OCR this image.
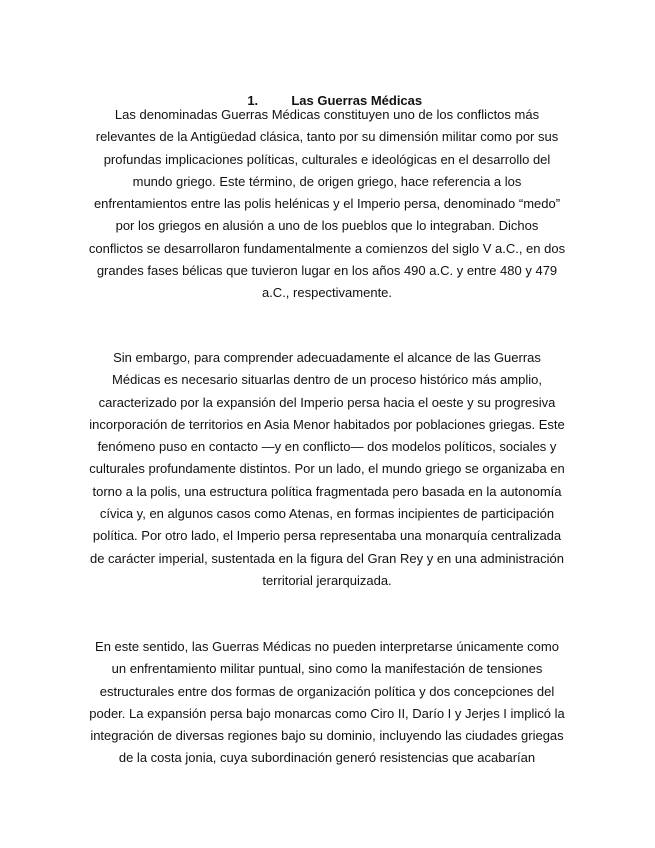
1.	Las Guerras Médicas

Las denominadas Guerras Médicas constituyen uno de los conflictos más
relevantes de la Antigüedad clásica, tanto por su dimensión militar como por sus
profundas implicaciones políticas, culturales e ideológicas en el desarrollo del
mundo griego. Este término, de origen griego, hace referencia a los
enfrentamientos entre las polis helénicas y el Imperio persa, denominado “medo”
por los griegos en alusión a uno de los pueblos que lo integraban. Dichos
conflictos se desarrollaron fundamentalmente a comienzos del siglo V a.C., en dos
grandes fases bélicas que tuvieron lugar en los años 490 a.C. y entre 480 y 479
a.C., respectivamente.
Sin embargo, para comprender adecuadamente el alcance de las Guerras
Médicas es necesario situarlas dentro de un proceso histórico más amplio,
caracterizado por la expansión del Imperio persa hacia el oeste y su progresiva
incorporación de territorios en Asia Menor habitados por poblaciones griegas. Este
fenómeno puso en contacto —y en conflicto— dos modelos políticos, sociales y
culturales profundamente distintos. Por un lado, el mundo griego se organizaba en
torno a la polis, una estructura política fragmentada pero basada en la autonomía
cívica y, en algunos casos como Atenas, en formas incipientes de participación
política. Por otro lado, el Imperio persa representaba una monarquía centralizada
de carácter imperial, sustentada en la figura del Gran Rey y en una administración
territorial jerarquizada.
En este sentido, las Guerras Médicas no pueden interpretarse únicamente como
un enfrentamiento militar puntual, sino como la manifestación de tensiones
estructurales entre dos formas de organización política y dos concepciones del
poder. La expansión persa bajo monarcas como Ciro II, Darío I y Jerjes I implicó la
integración de diversas regiones bajo su dominio, incluyendo las ciudades griegas
de la costa jonia, cuya subordinación generó resistencias que acabarían
